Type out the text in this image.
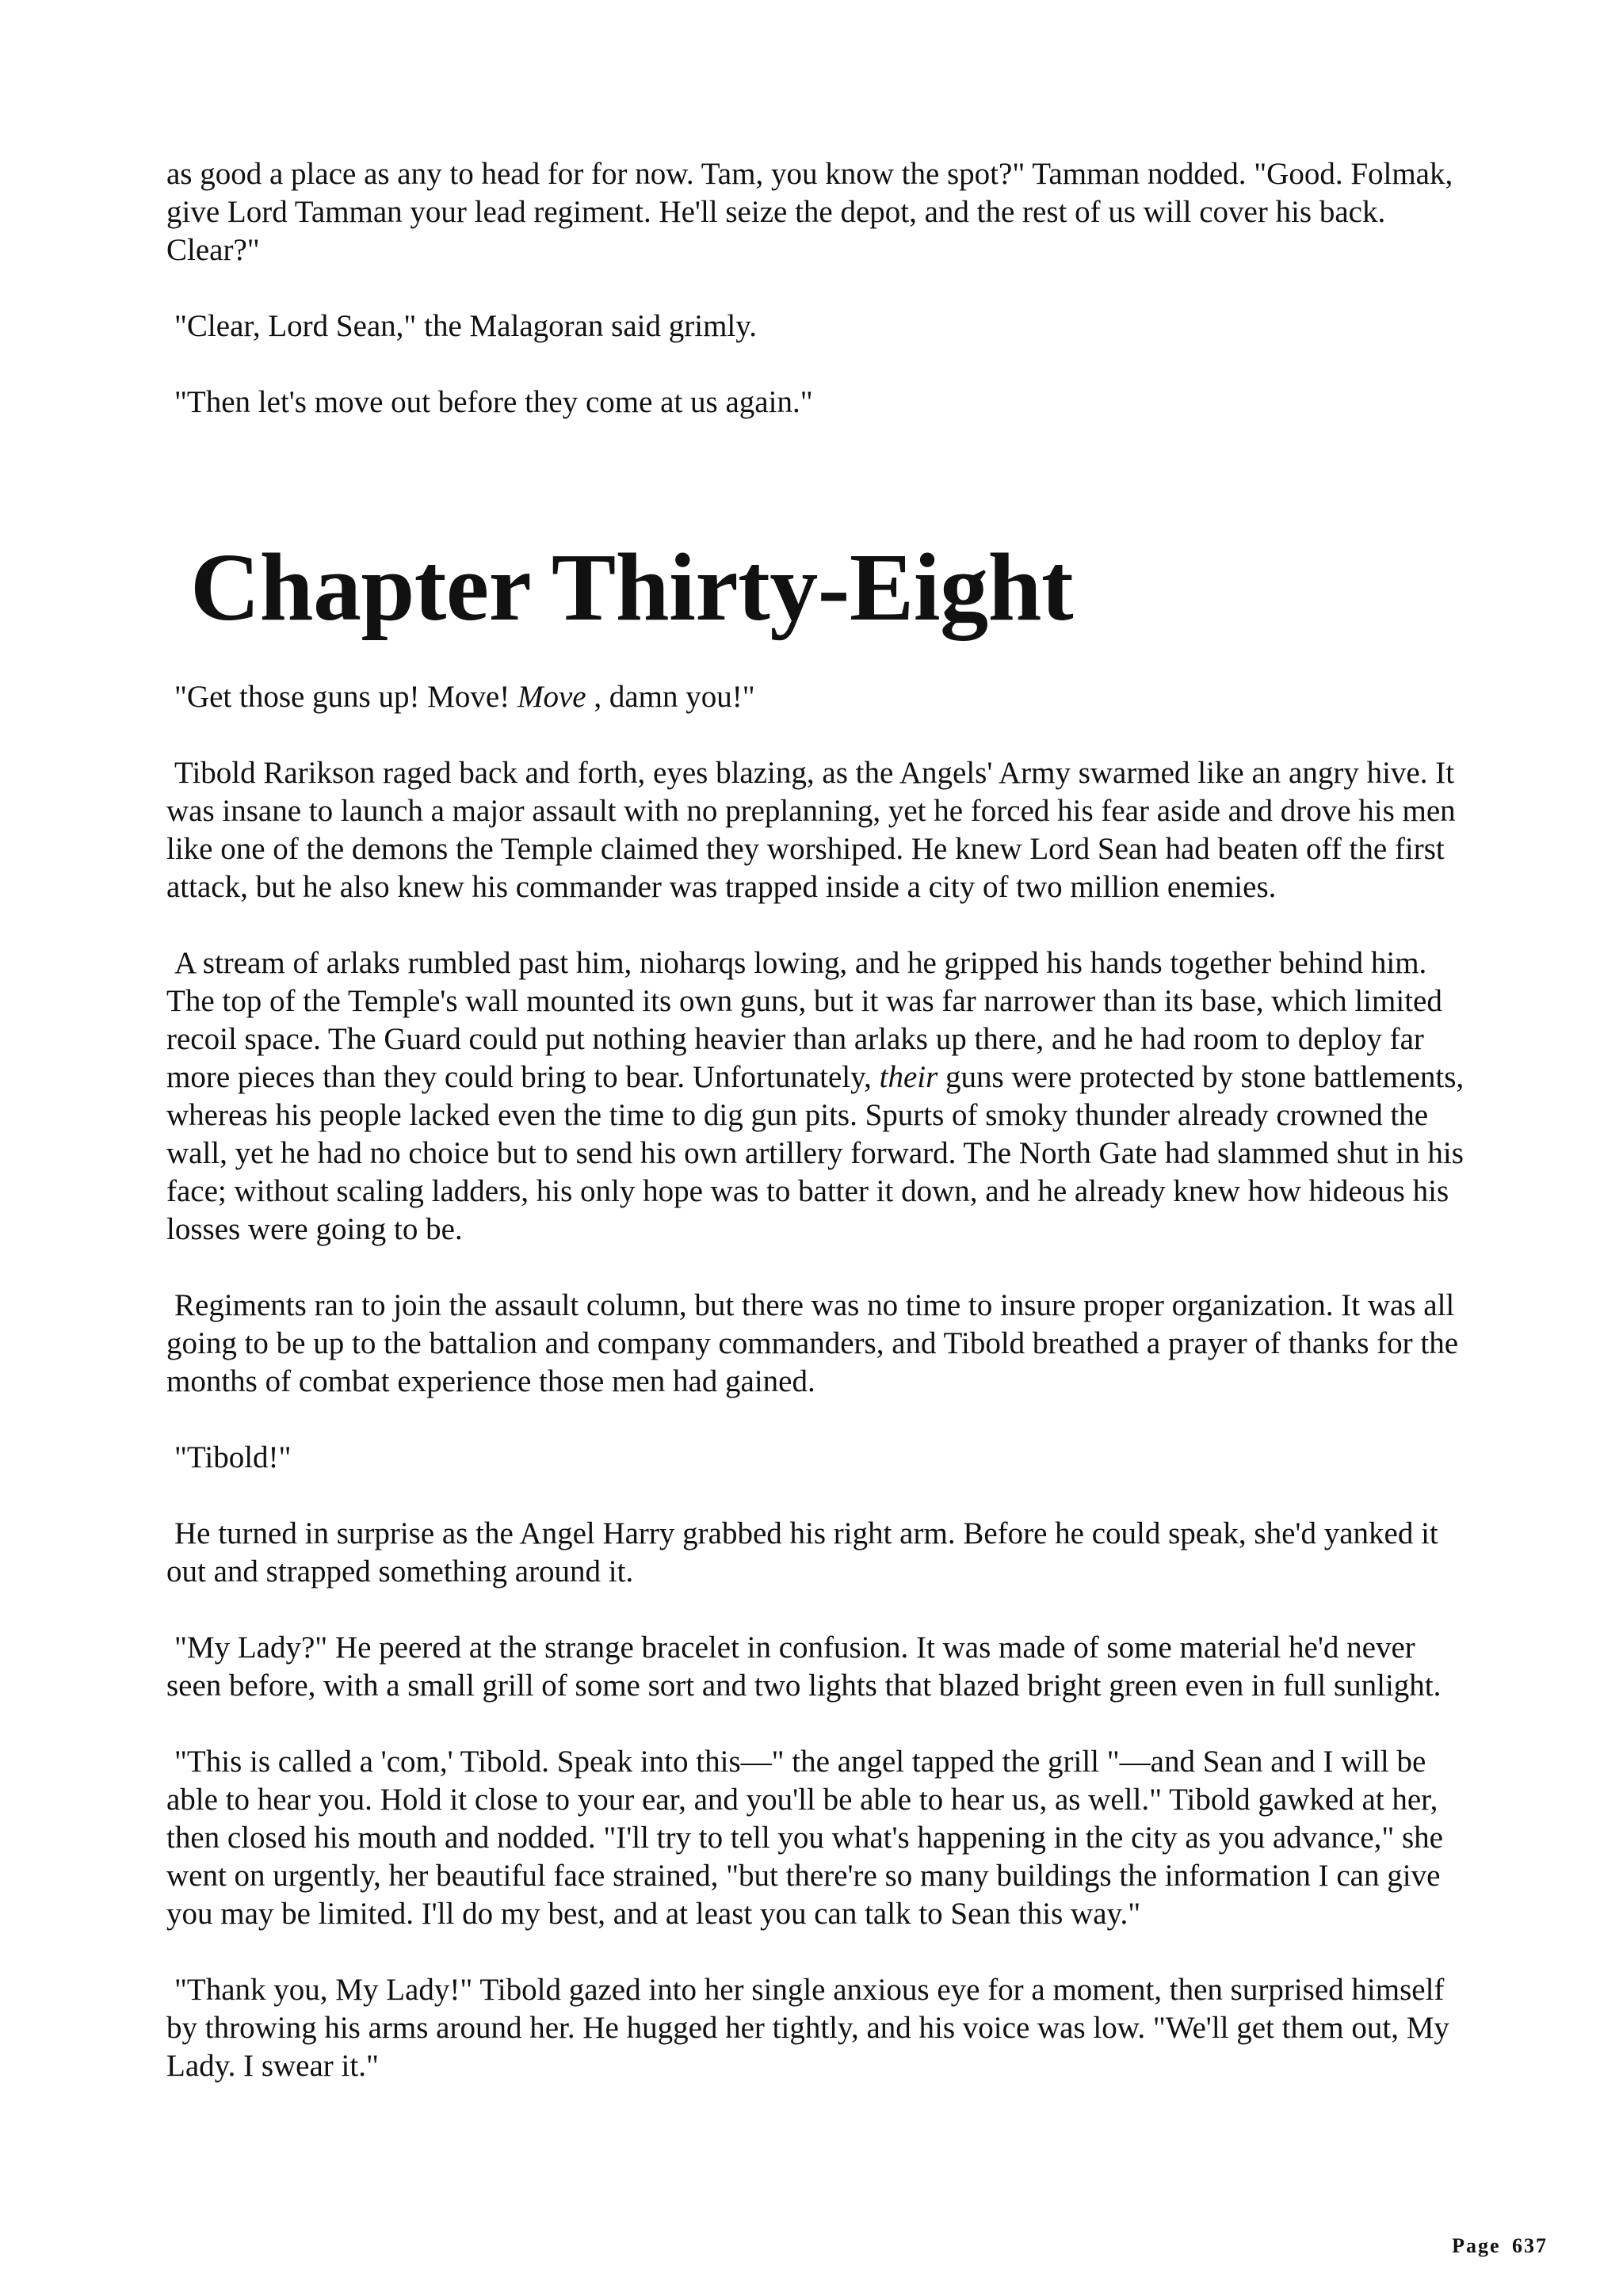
as good a place as any to head for for now. Tam, you know the spot?" Tamman nodded. "Good. Folmak, give Lord Tamman your lead regiment. He'll seize the depot, and the rest of us will cover his back. Clear?"

"Clear, Lord Sean," the Malagoran said grimly.

"Then let's move out before they come at us again."

Chapter Thirty-Eight

"Get those guns up! Move! Move , damn you!"

Tibold Rarikson raged back and forth, eyes blazing, as the Angels' Army swarmed like an angry hive. It was insane to launch a major assault with no preplanning, yet he forced his fear aside and drove his men like one of the demons the Temple claimed they worshiped. He knew Lord Sean had beaten off the first attack, but he also knew his commander was trapped inside a city of two million enemies.

A stream of arlaks rumbled past him, nioharqs lowing, and he gripped his hands together behind him. The top of the Temple's wall mounted its own guns, but it was far narrower than its base, which limited recoil space. The Guard could put nothing heavier than arlaks up there, and he had room to deploy far more pieces than they could bring to bear. Unfortunately, their guns were protected by stone battlements, whereas his people lacked even the time to dig gun pits. Spurts of smoky thunder already crowned the wall, yet he had no choice but to send his own artillery forward. The North Gate had slammed shut in his face; without scaling ladders, his only hope was to batter it down, and he already knew how hideous his losses were going to be.

Regiments ran to join the assault column, but there was no time to insure proper organization. It was all going to be up to the battalion and company commanders, and Tibold breathed a prayer of thanks for the months of combat experience those men had gained.

"Tibold!"

He turned in surprise as the Angel Harry grabbed his right arm. Before he could speak, she'd yanked it out and strapped something around it.

"My Lady?" He peered at the strange bracelet in confusion. It was made of some material he'd never seen before, with a small grill of some sort and two lights that blazed bright green even in full sunlight.

"This is called a 'com,' Tibold. Speak into this—" the angel tapped the grill "—and Sean and I will be able to hear you. Hold it close to your ear, and you'll be able to hear us, as well." Tibold gawked at her, then closed his mouth and nodded. "I'll try to tell you what's happening in the city as you advance," she went on urgently, her beautiful face strained, "but there're so many buildings the information I can give you may be limited. I'll do my best, and at least you can talk to Sean this way."

"Thank you, My Lady!" Tibold gazed into her single anxious eye for a moment, then surprised himself by throwing his arms around her. He hugged her tightly, and his voice was low. "We'll get them out, My Lady. I swear it."

Page 637
